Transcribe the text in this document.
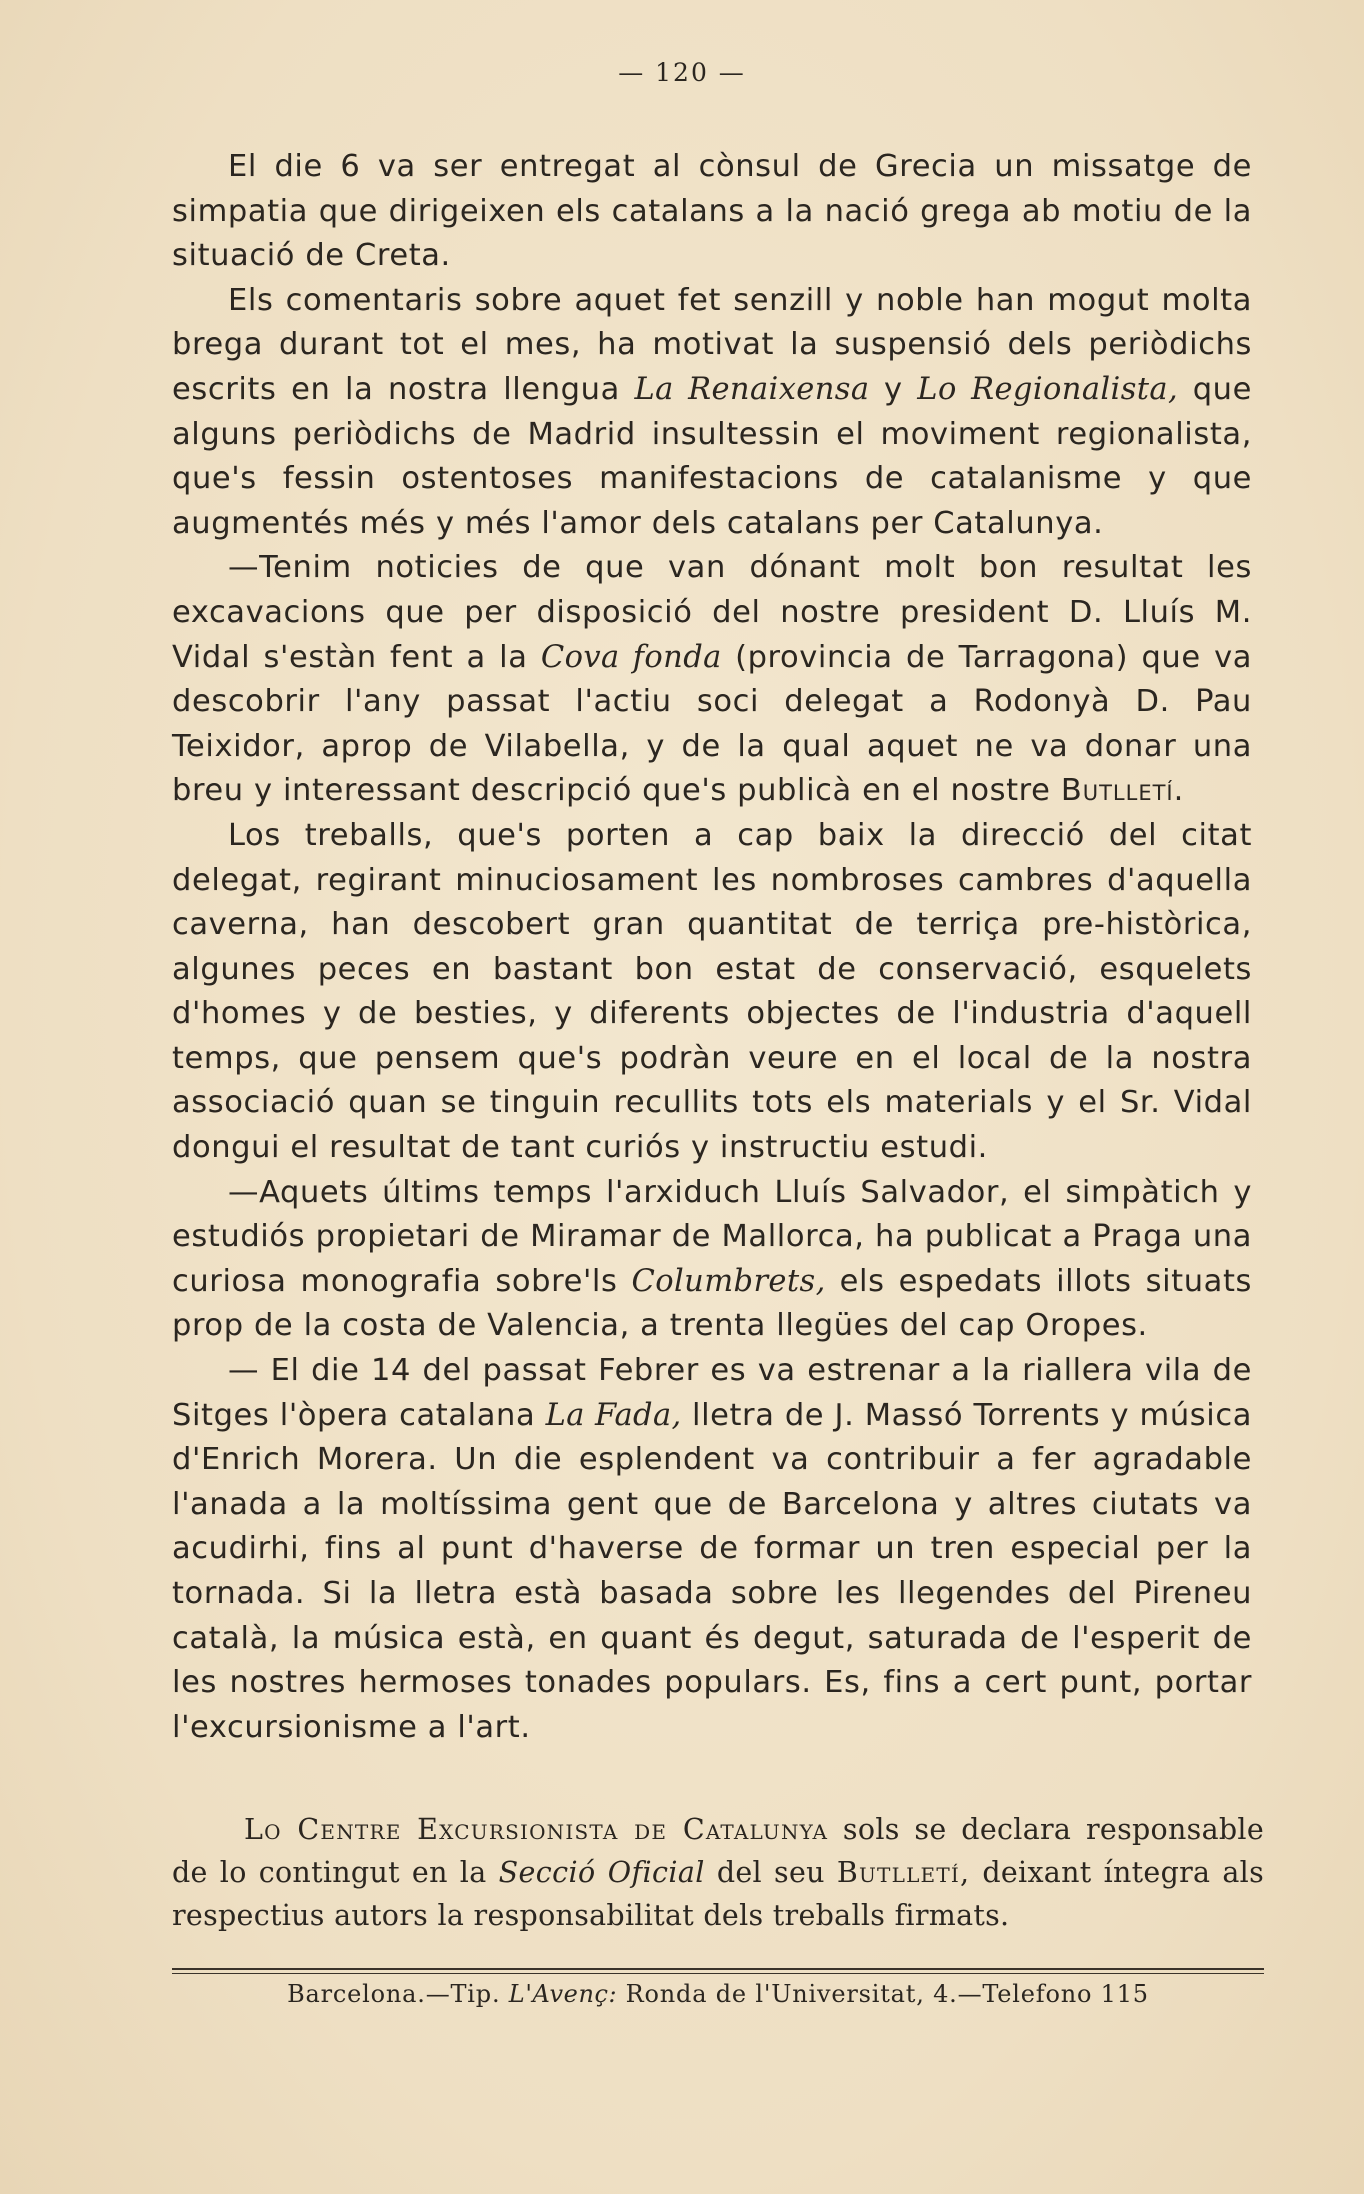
— 120 —

El die 6 va ser entregat al cònsul de Grecia un missatge de simpatia que dirigeixen els catalans a la nació grega ab motiu de la situació de Creta.

Els comentaris sobre aquet fet senzill y noble han mogut molta brega durant tot el mes, ha motivat la suspensió dels periòdichs escrits en la nostra llengua La Renaixensa y Lo Regionalista, que alguns periòdichs de Madrid insultessin el moviment regionalista, que's fessin ostentoses manifestacions de catalanisme y que augmentés més y més l'amor dels catalans per Catalunya.

—Tenim noticies de que van dónant molt bon resultat les excavacions que per disposició del nostre president D. Lluís M. Vidal s'estàn fent a la Cova fonda (provincia de Tarragona) que va descobrir l'any passat l'actiu soci delegat a Rodonyà D. Pau Teixidor, aprop de Vilabella, y de la qual aquet ne va donar una breu y interessant descripció que's publicà en el nostre Butlletí.

Los treballs, que's porten a cap baix la direcció del citat delegat, regirant minuciosament les nombroses cambres d'aquella caverna, han descobert gran quantitat de terriça pre-històrica, algunes peces en bastant bon estat de conservació, esquelets d'homes y de besties, y diferents objectes de l'industria d'aquell temps, que pensem que's podràn veure en el local de la nostra associació quan se tinguin recullits tots els materials y el Sr. Vidal dongui el resultat de tant curiós y instructiu estudi.

—Aquets últims temps l'arxiduch Lluís Salvador, el simpàtich y estudiós propietari de Miramar de Mallorca, ha publicat a Praga una curiosa monografia sobre'ls Columbrets, els espedats illots situats prop de la costa de Valencia, a trenta llegües del cap Oropes.

— El die 14 del passat Febrer es va estrenar a la riallera vila de Sitges l'òpera catalana La Fada, lletra de J. Massó Torrents y música d'Enrich Morera. Un die esplendent va contribuir a fer agradable l'anada a la moltíssima gent que de Barcelona y altres ciutats va acudirhi, fins al punt d'haverse de formar un tren especial per la tornada. Si la lletra està basada sobre les llegendes del Pireneu català, la música està, en quant és degut, saturada de l'esperit de les nostres hermoses tonades populars. Es, fins a cert punt, portar l'excursionisme a l'art.

Lo Centre Excursionista de Catalunya sols se declara responsable de lo contingut en la Secció Oficial del seu Butlletí, deixant íntegra als respectius autors la responsabilitat dels treballs firmats.
Barcelona.—Tip. L'Avenç: Ronda de l'Universitat, 4.—Telefono 115
